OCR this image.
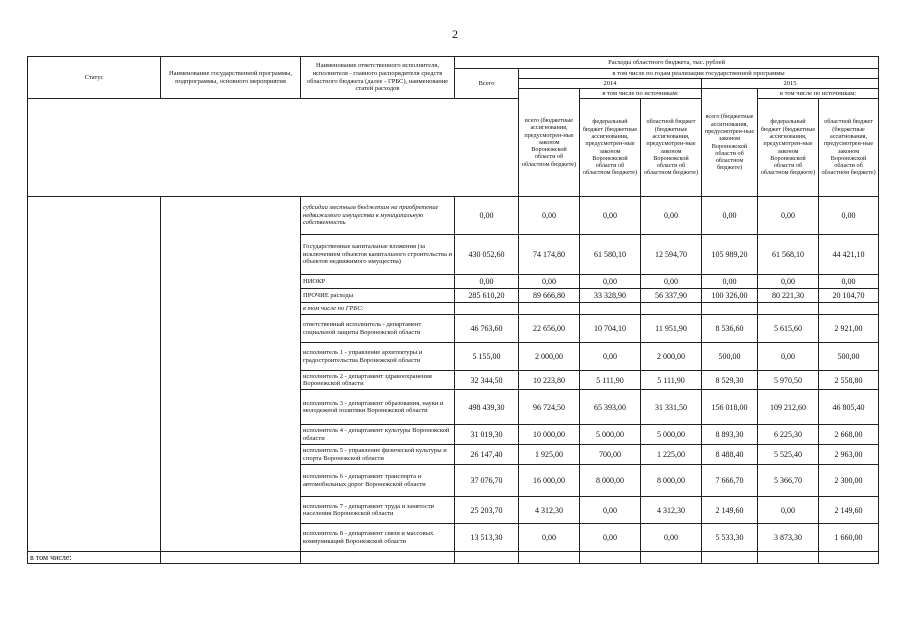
2
Статус	Наименование государственной программы, подпрограммы, основного мероприятия	Наименование ответственного исполнителя, исполнителя - главного распорядителя средств областного бюджета (далее - ГРБС), наименование статей расходов	Расходы областного бюджета, тыс. рублей						
			Всего	в том числе по годам реализации государственной программы					
				2014			2015		
				всего (бюджетные ассигнования, предусмотрен-ные законом Воронежской области об областном бюджете)	в том числе по источникам:		всего (бюджетные ассигнования, предусмотрен-ные законом Воронежской области об областном бюджете)	в том числе по источникам:	
					федеральный бюджет (бюджетные ассигнования, предусмотрен-ные законом Воронежской области об областном бюджете)	областной бюджет (бюджетные ассигнования, предусмотрен-ные законом Воронежской области об областном бюджете)		федеральный бюджет (бюджетные ассигнования, предусмотрен-ные законом Воронежской области об областном бюджете)	областной бюджет (бюджетные ассигнования, предусмотрен-ные законом Воронежской области об областном бюджете)
		субсидии местным бюджетам на приобретение недвижимого имущества в муниципальную собственность	0,00	0,00	0,00	0,00	0,00	0,00	0,00
		Государственные капитальные вложения (за исключением объектов капитального строительства и объектов недвижимого имущества)	430 052,60	74 174,80	61 580,10	12 594,70	105 989,20	61 568,10	44 421,10
		НИОКР	0,00	0,00	0,00	0,00	0,00	0,00	0,00
		ПРОЧИЕ расходы	285 610,20	89 666,80	33 328,90	56 337,90	100 326,00	80 221,30	20 104,70
		в том числе по ГРБС:							
		ответственный исполнитель - департамент социальной защиты Воронежской области	46 763,60	22 656,00	10 704,10	11 951,90	8 536,60	5 615,60	2 921,00
		исполнитель 1 - управление архитектуры и градостроительства Воронежской области	5 155,00	2 000,00	0,00	2 000,00	500,00	0,00	500,00
		исполнитель 2 - департамент здравоохранения Воронежской области	32 344,50	10 223,80	5 111,90	5 111,90	8 529,30	5 970,50	2 558,80
		исполнитель 3 - департамент образования, науки и молодежной политики Воронежской области	498 439,30	96 724,50	65 393,00	31 331,50	156 018,00	109 212,60	46 805,40
		исполнитель 4 - департамент культуры Воронежской области	31 019,30	10 000,00	5 000,00	5 000,00	8 893,30	6 225,30	2 668,00
		исполнитель 5 - управление физической культуры и спорта Воронежской области	26 147,40	1 925,00	700,00	1 225,00	8 488,40	5 525,40	2 963,00
		исполнитель 6 - департамент транспорта и автомобильных дорог Воронежской области	37 076,70	16 000,00	8 000,00	8 000,00	7 666,70	5 366,70	2 300,00
		исполнитель 7 - департамент труда и занятости населения Воронежской области	25 203,70	4 312,30	0,00	4 312,30	2 149,60	0,00	2 149,60
		исполнитель 8 - департамент связи и массовых коммуникаций Воронежской области	13 513,30	0,00	0,00	0,00	5 533,30	3 873,30	1 660,00
в том числе:									
